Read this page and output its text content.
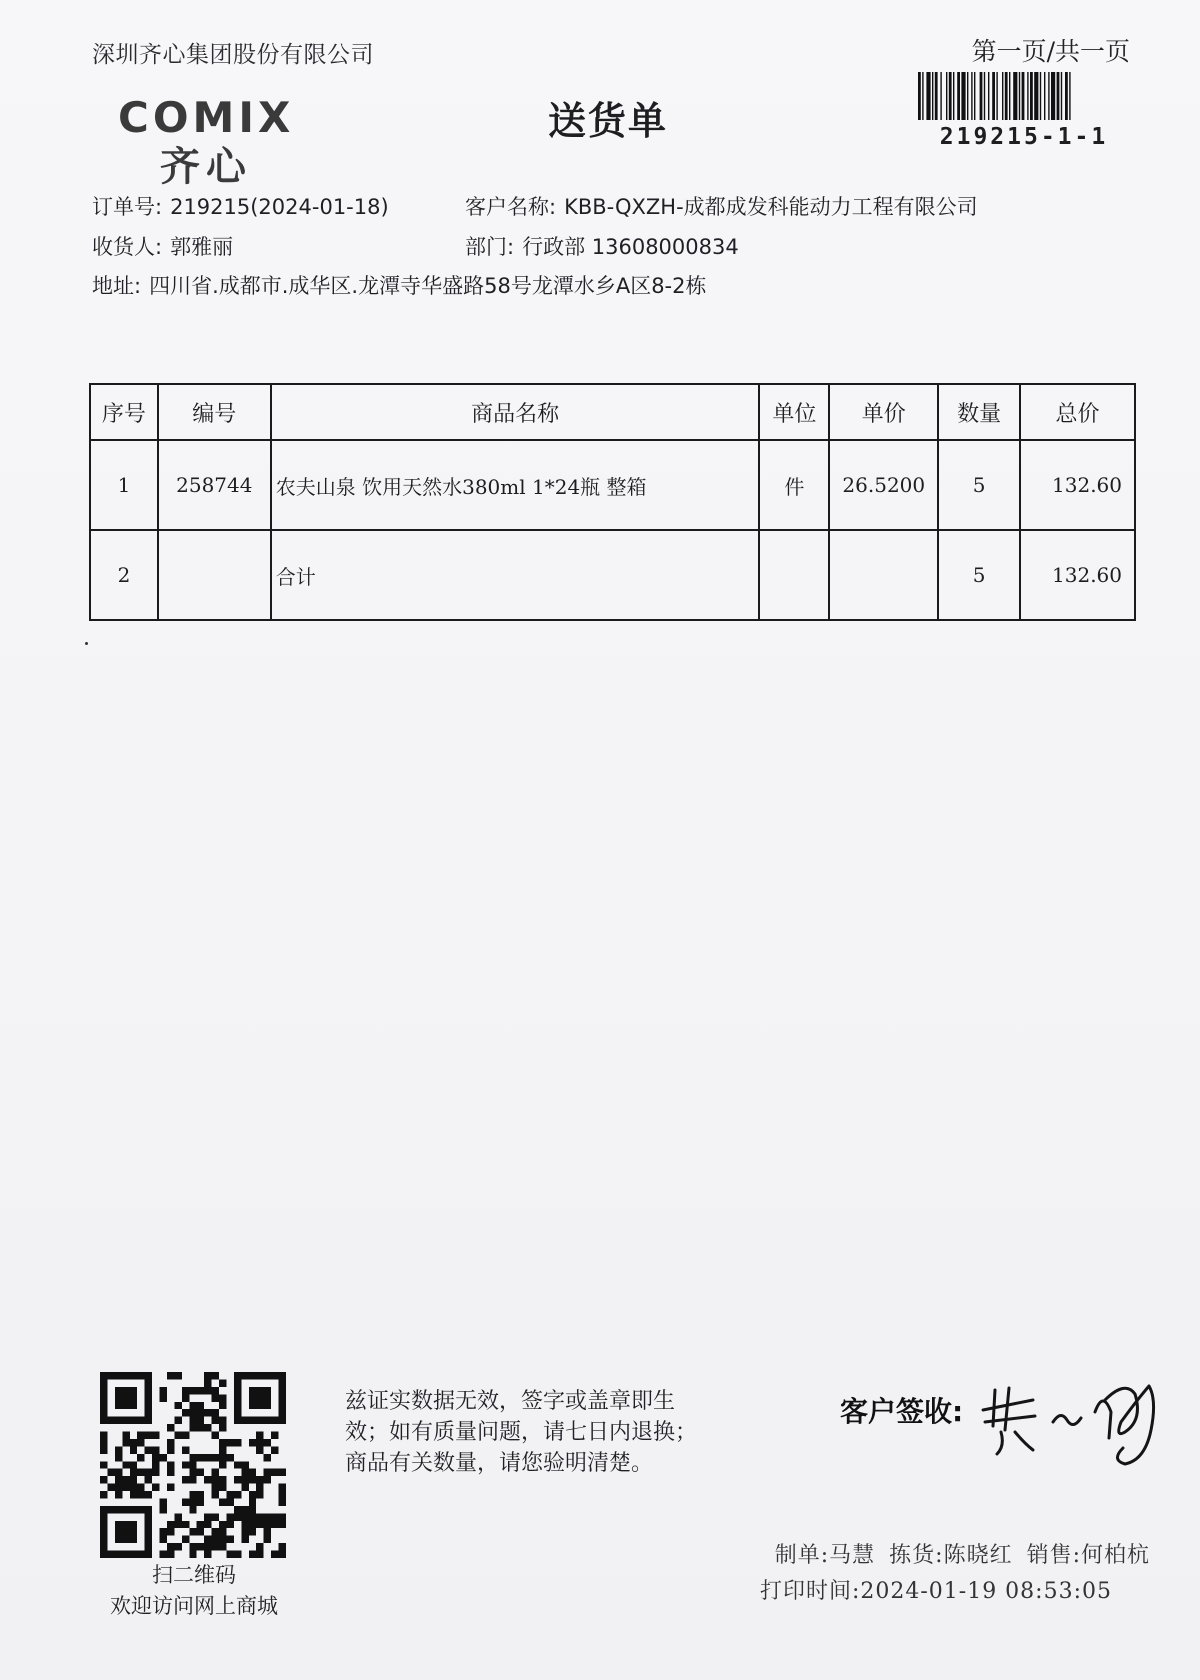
深圳齐心集团股份有限公司	第一页/共一页
219215-1-1
COMIX
齐心
送货单
订单号: 219215(2024-01-18)	客户名称: KBB-QXZH-成都成发科能动力工程有限公司
收货人: 郭雅丽	部门: 行政部 13608000834
地址: 四川省.成都市.成华区.龙潭寺华盛路58号龙潭水乡A区8-2栋
序号	编号	商品名称	单位	单价	数量	总价
1	258744	农夫山泉 饮用天然水380ml 1*24瓶 整箱	件	26.5200	5	132.60
2		合计			5	132.60
扫二维码
欢迎访问网上商城
兹证实数据无效，签字或盖章即生
效；如有质量问题，请七日内退换；
商品有关数量，请您验明清楚。
客户签收:
制单:马慧 拣货:陈晓红 销售:何柏杭
打印时间:2024-01-19 08:53:05
